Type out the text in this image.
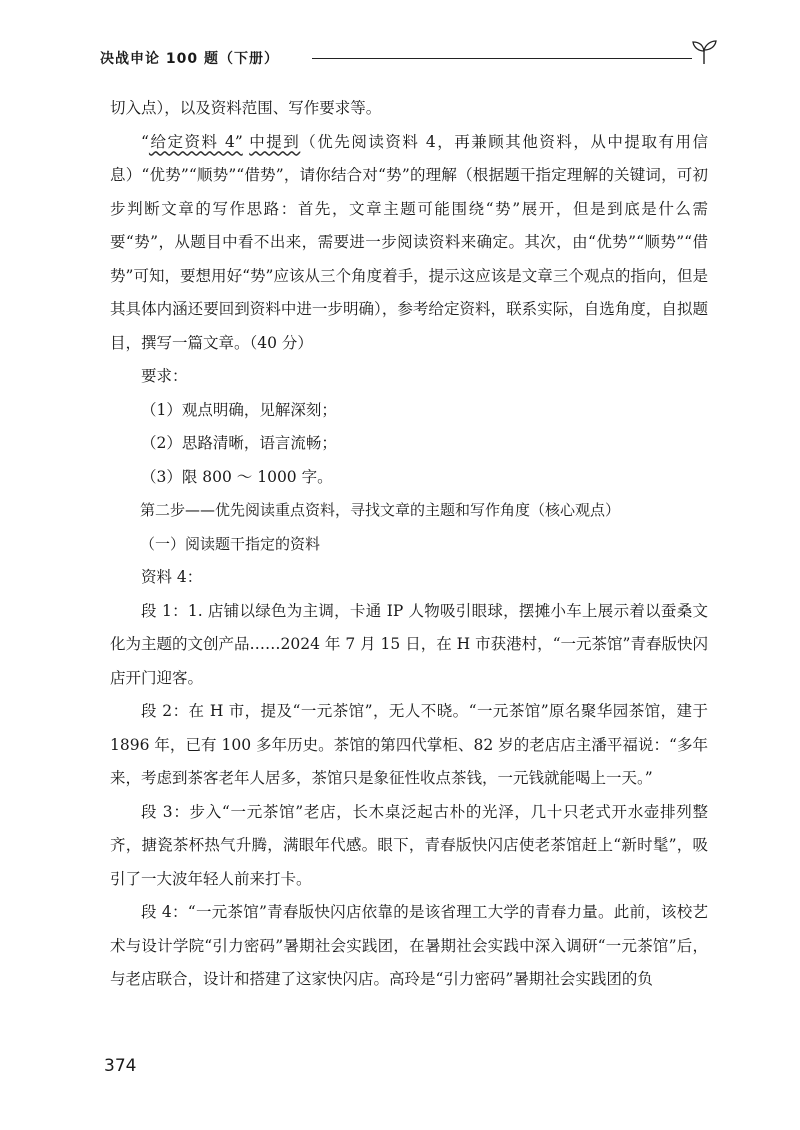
决战申论 100 题（下册）

切入点），以及资料范围、写作要求等。

“给定资料 4” 中提到（优先阅读资料 4，再兼顾其他资料，从中提取有用信息）“优势”“顺势”“借势”，请你结合对“势”的理解（根据题干指定理解的关键词，可初步判断文章的写作思路：首先，文章主题可能围绕“势”展开，但是到底是什么需要“势”，从题目中看不出来，需要进一步阅读资料来确定。其次，由“优势”“顺势”“借势”可知，要想用好“势”应该从三个角度着手，提示这应该是文章三个观点的指向，但是其具体内涵还要回到资料中进一步明确），参考给定资料，联系实际，自选角度，自拟题目，撰写一篇文章。（40 分）

要求：

（1）观点明确，见解深刻；

（2）思路清晰，语言流畅；

（3）限 800 ～ 1000 字。

第二步——优先阅读重点资料，寻找文章的主题和写作角度（核心观点）

（一）阅读题干指定的资料

资料 4：

段 1：1. 店铺以绿色为主调，卡通 IP 人物吸引眼球，摆摊小车上展示着以蚕桑文化为主题的文创产品……2024 年 7 月 15 日，在 H 市获港村，“一元茶馆”青春版快闪店开门迎客。

段 2：在 H 市，提及“一元茶馆”，无人不晓。“一元茶馆”原名聚华园茶馆，建于 1896 年，已有 100 多年历史。茶馆的第四代掌柜、82 岁的老店店主潘平福说：“多年来，考虑到茶客老年人居多，茶馆只是象征性收点茶钱，一元钱就能喝上一天。”

段 3：步入“一元茶馆”老店，长木桌泛起古朴的光泽，几十只老式开水壶排列整齐，搪瓷茶杯热气升腾，满眼年代感。眼下，青春版快闪店使老茶馆赶上“新时髦”，吸引了一大波年轻人前来打卡。

段 4：“一元茶馆”青春版快闪店依靠的是该省理工大学的青春力量。此前，该校艺术与设计学院“引力密码”暑期社会实践团，在暑期社会实践中深入调研“一元茶馆”后，与老店联合，设计和搭建了这家快闪店。高玲是“引力密码”暑期社会实践团的负

374
